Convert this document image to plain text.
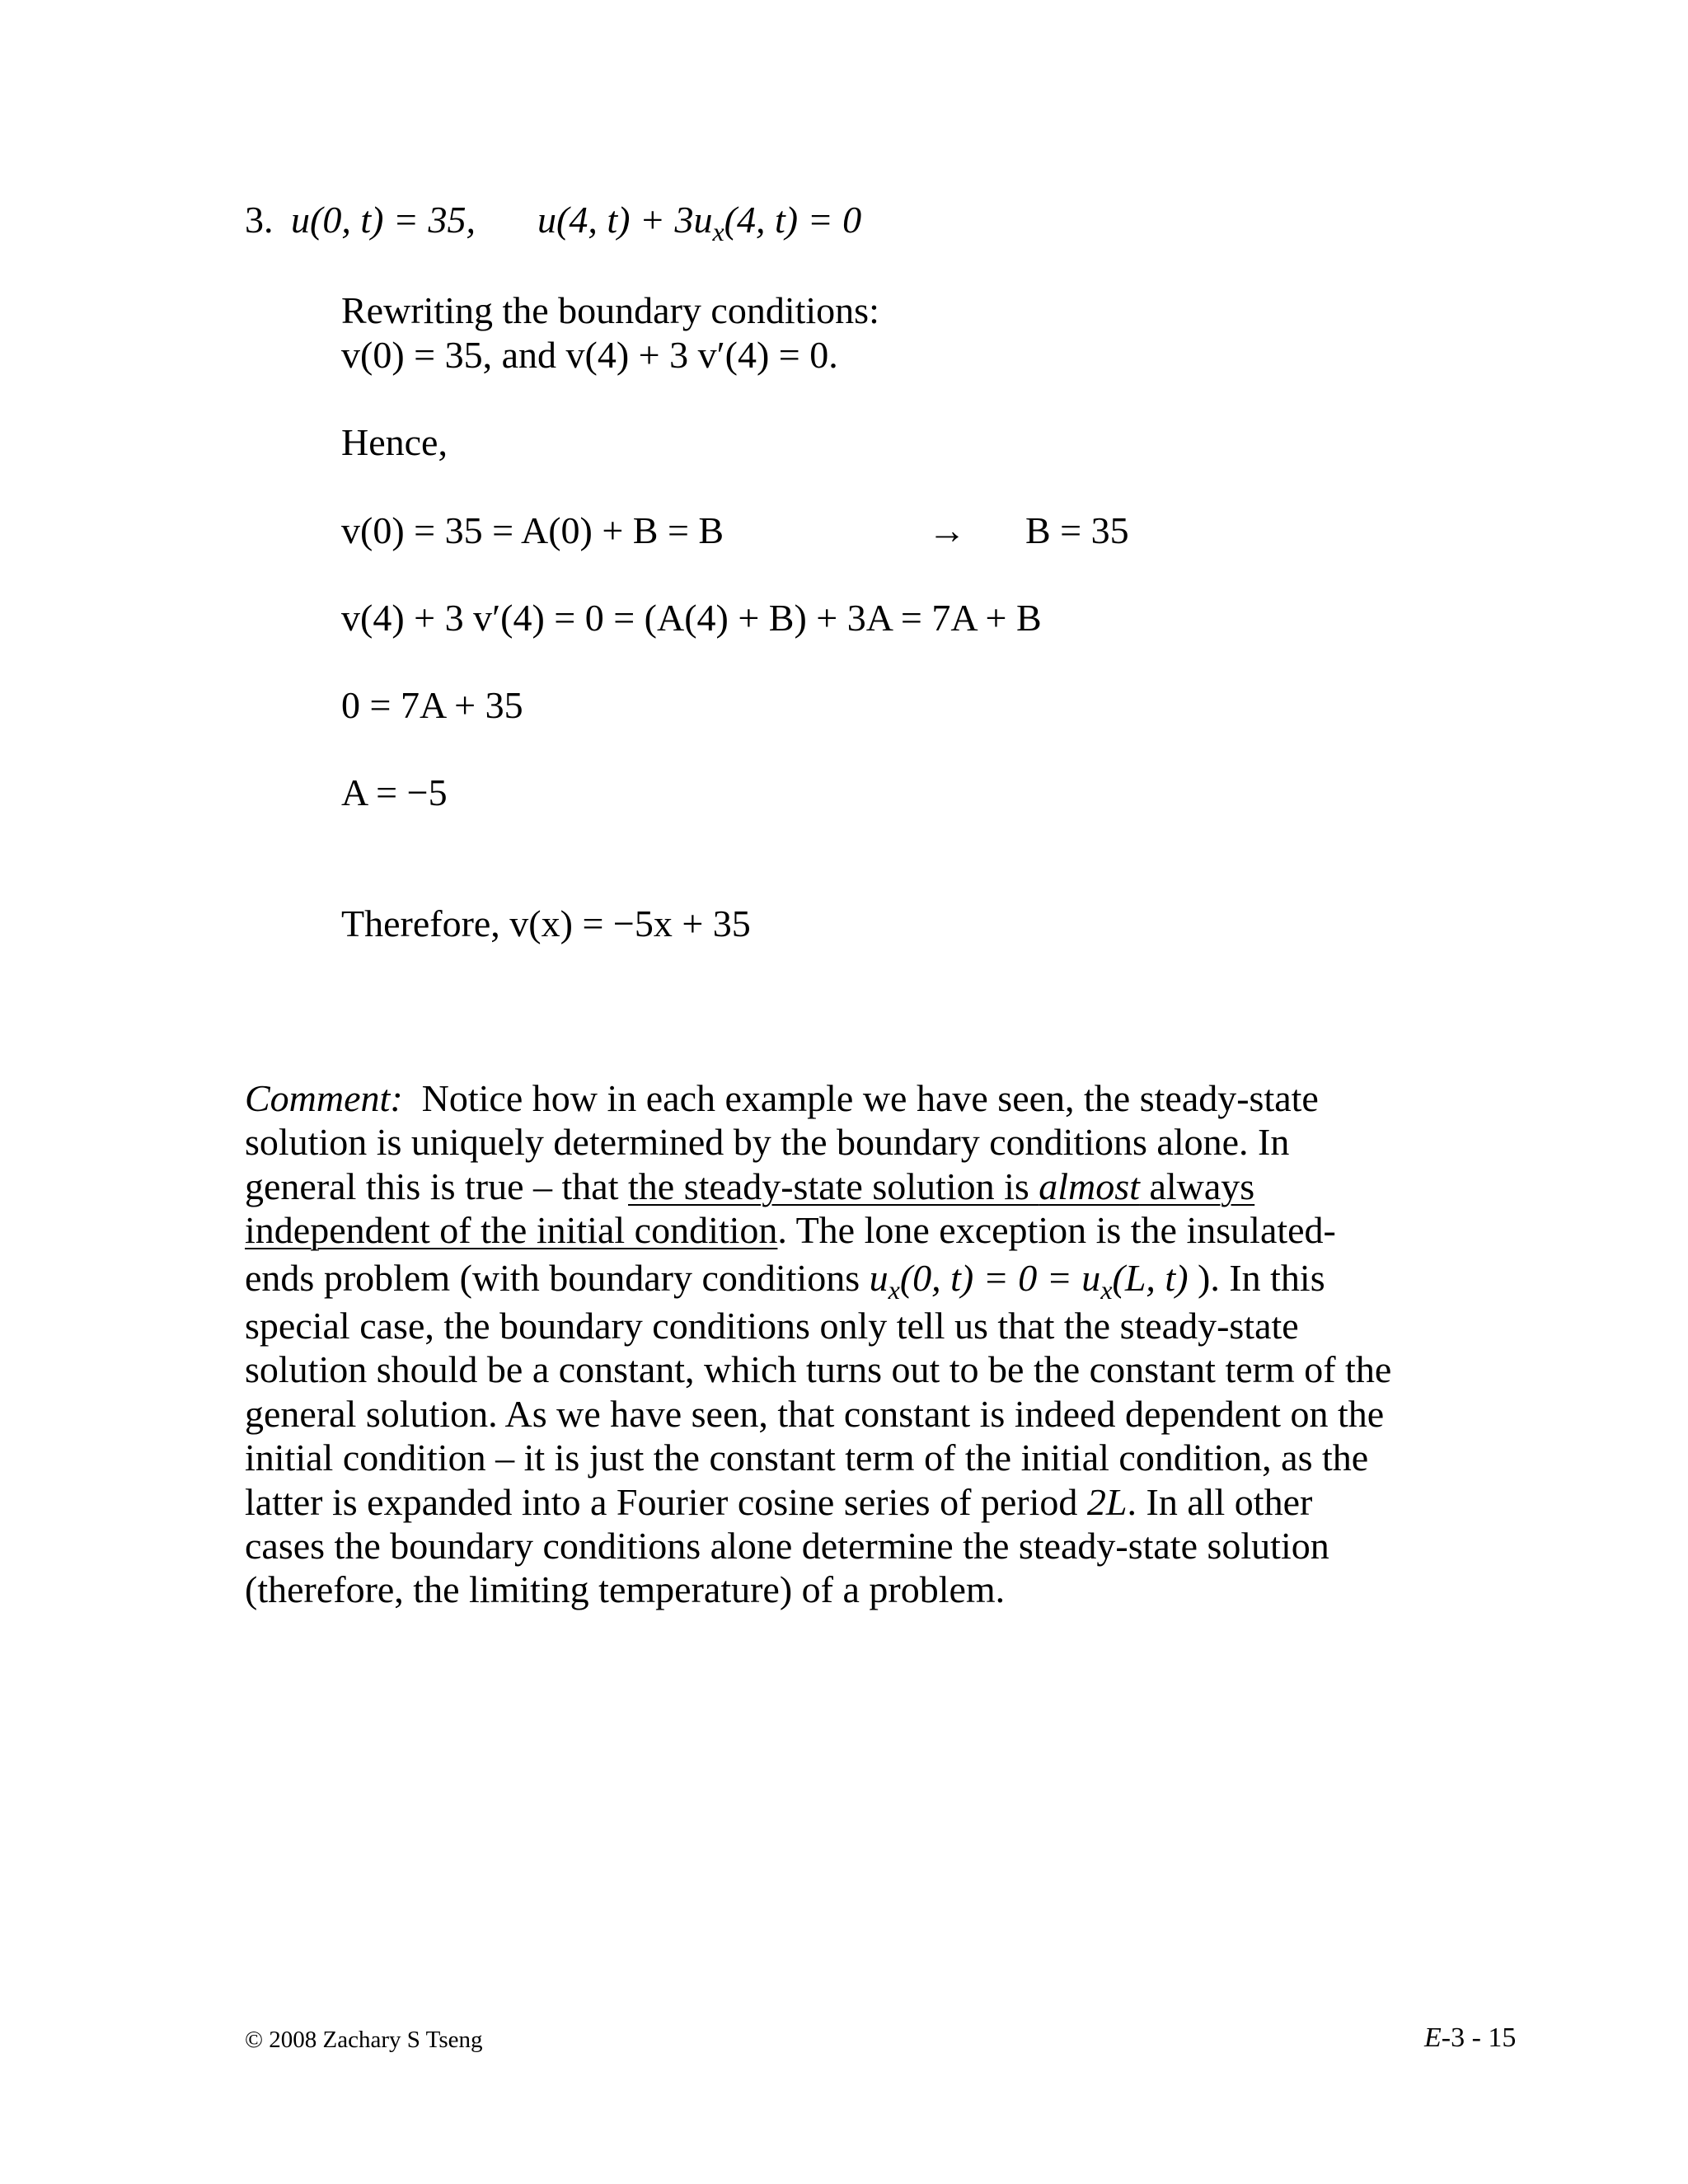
3. u(0, t) = 35, u(4, $t) + 3u_x(4$, t) = 0
Rewriting the boundary conditions:
v(0) = 35, and v(4) + 3 v′(4) = 0.
Hence,
v(0) = 35 = A(0) + B = B	→ B = 35
v(4) + 3 v′(4) = 0 = (A(4) + B) + 3A = 7A + B
0 = 7A + 35
A = −5
Therefore, v(x) = −5x + 35
Comment: Notice how in each example we have seen, the steady-state
solution is uniquely determined by the boundary conditions alone. In
general this is true – that the steady-state solution is almost always
independent of the initial condition. The lone exception is the insulated-
ends problem (with boundary conditions $u_x(0$, $t) = 0 = u_x(L$, t) ). In this
special case, the boundary conditions only tell us that the steady-state
solution should be a constant, which turns out to be the constant term of the
general solution. As we have seen, that constant is indeed dependent on the
initial condition – it is just the constant term of the initial condition, as the
latter is expanded into a Fourier cosine series of period 2L. In all other
cases the boundary conditions alone determine the steady-state solution
(therefore, the limiting temperature) of a problem.
© 2008 Zachary S Tseng	E-3 - 15
